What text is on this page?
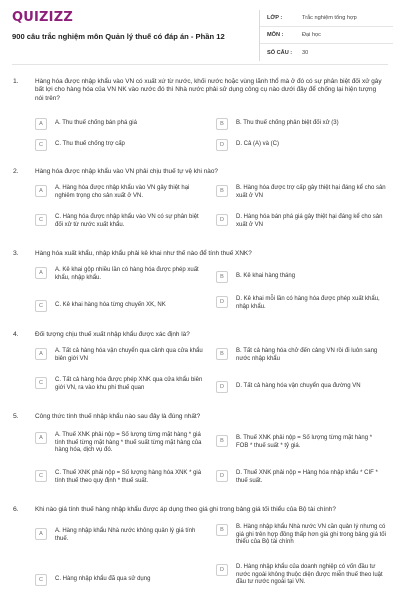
QUIZIZZ
900 câu trắc nghiệm môn Quản lý thuế có đáp án - Phần 12
LỚP :	Trắc nghiệm tổng hợp
MÔN :	Đại học
SỐ CÂU :	30
1.	Hàng hóa được nhập khẩu vào VN có xuất xứ từ nước, khối nước hoặc vùng lãnh thổ mà ở đó có sự phân biệt đối xử gây bất lợi cho hàng hóa của VN NK vào nước đó thì Nhà nước phải sử dụng công cụ nào dưới đây để chống lại hiện tượng nói trên?
A	A. Thu thuế chống bán phá giá	B	B. Thu thuế chống phân biệt đối xử (3)
C	C. Thu thuế chống trợ cấp	D	D. Cả (A) và (C)
2.	Hàng hóa được nhập khẩu vào VN phải chịu thuế tự vệ khi nào?
A	A. Hàng hóa được nhập khẩu vào VN gây thiệt hại nghiêm trọng cho sản xuất ở VN.
B	B. Hàng hóa được trợ cấp gây thiệt hại đáng kể cho sản xuất ở VN
C	C. Hàng hóa được nhập khẩu vào VN có sự phân biệt đối xử từ nước xuất khẩu.
D	D. Hàng hóa bán phá giá gây thiệt hại đáng kể cho sản xuất ở VN
3.	Hàng hóa xuất khẩu, nhập khẩu phải kê khai như thế nào để tính thuế XNK?
A	A. Kê khai gộp nhiều lần có hàng hóa được phép xuất khẩu, nhập khẩu.	B	B. Kê khai hàng tháng
C	C. Kê khai hàng hóa từng chuyến XK, NK	D	D. Kê khai mỗi lần có hàng hóa được phép xuất khẩu, nhập khẩu.
4.	Đối tượng chịu thuế xuất nhập khẩu được xác định là?
A	A. Tất cả hàng hóa vận chuyển qua cảnh qua cửa khẩu biên giới VN
B	B. Tất cả hàng hóa chở đến cảng VN rồi đi luôn sang nước nhập khẩu
C	C. Tất cả hàng hóa được phép XNK qua cửa khẩu biên giới VN, ra vào khu phi thuế quan	D	D. Tất cả hàng hóa vận chuyển qua đường VN
5.	Công thức tính thuế nhập khẩu nào sau đây là đúng nhất?
A	A. Thuế XNK phải nộp = Số lượng từng mặt hàng * giá tính thuế từng mặt hàng * thuế suất từng mặt hàng của hàng hóa, dịch vụ đó.
B	B. Thuế XNK phải nộp = Số lượng từng mặt hàng * FOB * thuế suất * tỷ giá.
C	C. Thuế XNK phải nộp = Số lượng hàng hóa XNK * giá tính thuế theo quy định * thuế suất.
D	D. Thuế XNK phải nộp = Hàng hóa nhập khẩu * CIF * thuế suất.
6.	Khi nào giá tính thuế hàng nhập khẩu được áp dụng theo giá ghi trong bảng giá tối thiểu của Bộ tài chính?
A	A. Hàng nhập khẩu Nhà nước không quản lý giá tính thuế.
B	B. Hàng nhập khẩu Nhà nước VN cần quản lý nhưng có giá ghi trên hợp đồng thấp hơn giá ghi trong bảng giá tối thiểu của Bộ tài chính
C	C. Hàng nhập khẩu đã qua sử dụng
D	D. Hàng nhập khẩu của doanh nghiệp có vốn đầu tư nước ngoài không thuộc diện được miễn thuế theo luật đầu tư nước ngoài tại VN.
